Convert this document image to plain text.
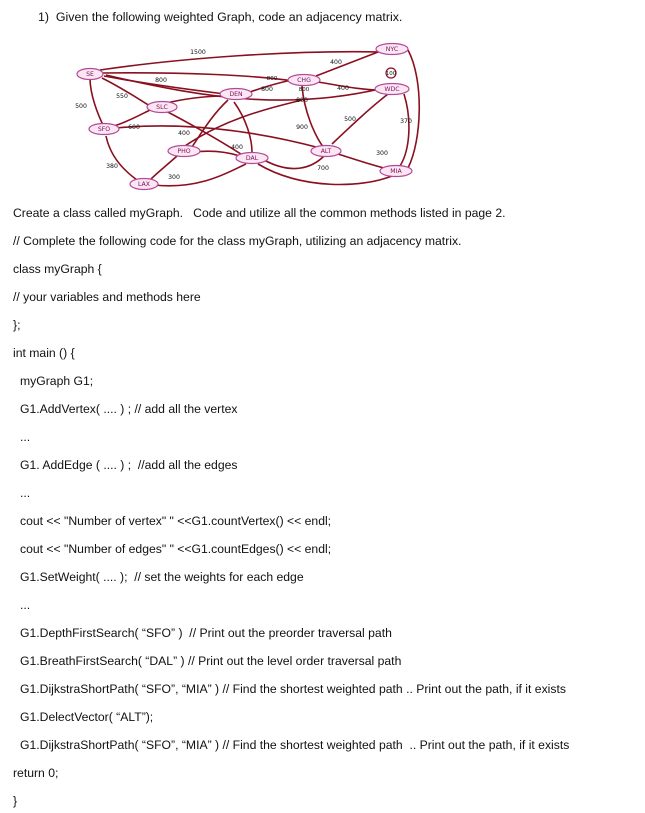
1)  Given the following weighted Graph, code an adjacency matrix.
SE
NYC
CHG
DEN
WDC
SLC
SFO
PHO
DAL
ALT
LAX
MIA
1500
400
800
800	400
550
800
500
500	370
400
900
600
300
400
700
380
300
100
800
800
Create a class called myGraph.   Code and utilize all the common methods listed in page 2.
// Complete the following code for the class myGraph, utilizing an adjacency matrix.
class myGraph {
// your variables and methods here
};
int main () {
myGraph G1;
G1.AddVertex( .... ) ; // add all the vertex
...
G1. AddEdge ( .... ) ;  //add all the edges
...
cout << "Number of vertex" " <<G1.countVertex() << endl;
cout << "Number of edges" " <<G1.countEdges() << endl;
G1.SetWeight( .... );  // set the weights for each edge
...
G1.DepthFirstSearch( “SFO” )  // Print out the preorder traversal path
G1.BreathFirstSearch( “DAL” ) // Print out the level order traversal path
G1.DijkstraShortPath( “SFO”, “MIA” ) // Find the shortest weighted path .. Print out the path, if it exists
G1.DelectVector( “ALT”);
G1.DijkstraShortPath( “SFO”, “MIA” ) // Find the shortest weighted path  .. Print out the path, if it exists
return 0;
}
